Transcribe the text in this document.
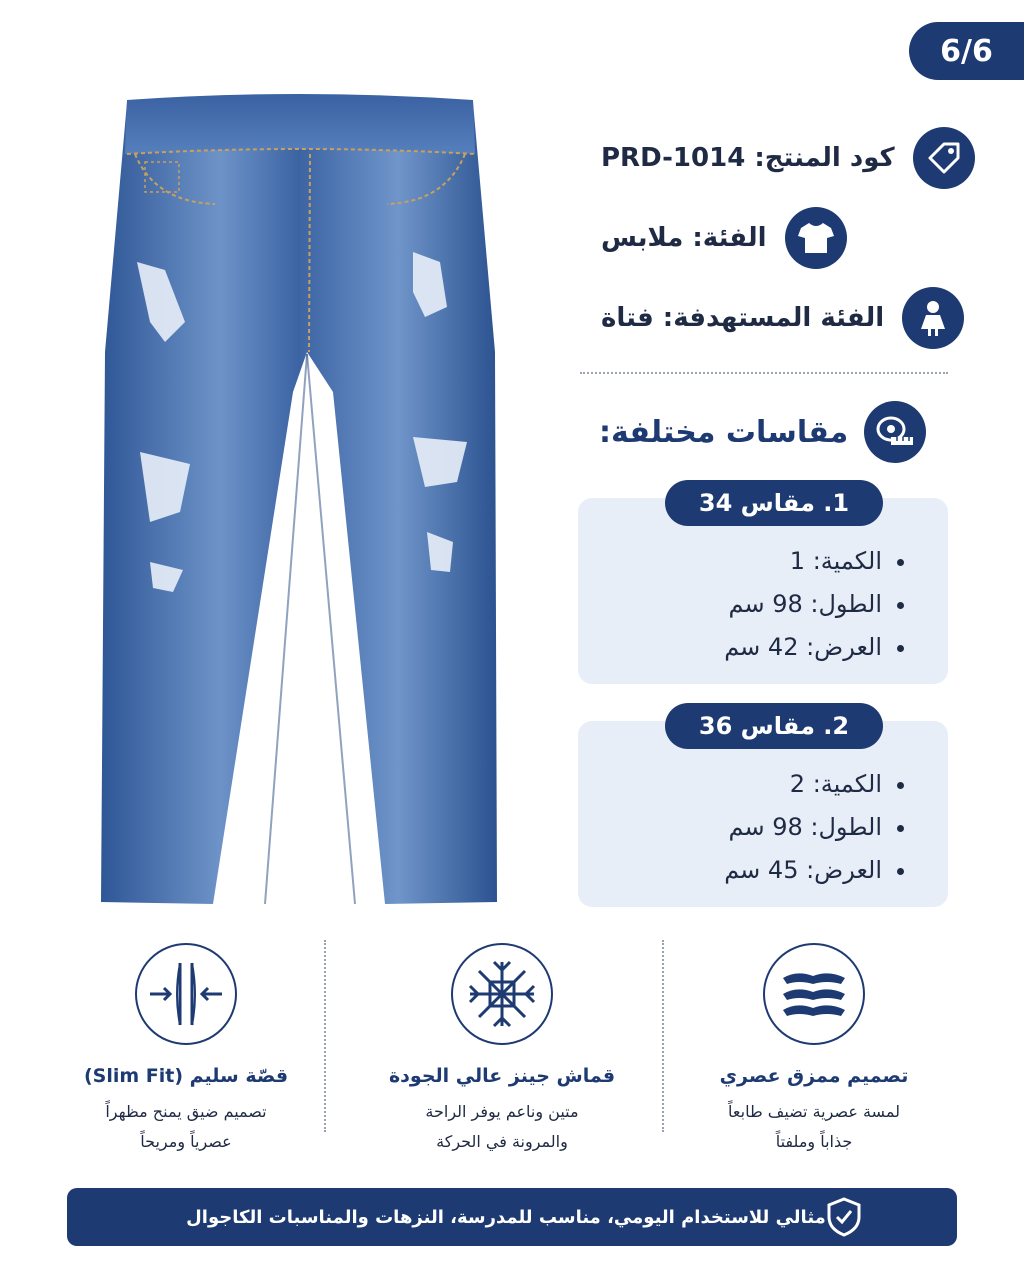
6/6
كود المنتج: PRD-1014
الفئة: ملابس
الفئة المستهدفة: فتاة
مقاسات مختلفة:
1. مقاس 34
الكمية: 1
الطول: 98 سم
العرض: 42 سم
2. مقاس 36
الكمية: 2
الطول: 98 سم
العرض: 45 سم
قصّة سليم (Slim Fit)
تصميم ضيق يمنح مظهراً
عصرياً ومريحاً
قماش جينز عالي الجودة
متين وناعم يوفر الراحة
والمرونة في الحركة
تصميم ممزق عصري
لمسة عصرية تضيف طابعاً
جذاباً وملفتاً
مثالي للاستخدام اليومي، مناسب للمدرسة، النزهات والمناسبات الكاجوال
